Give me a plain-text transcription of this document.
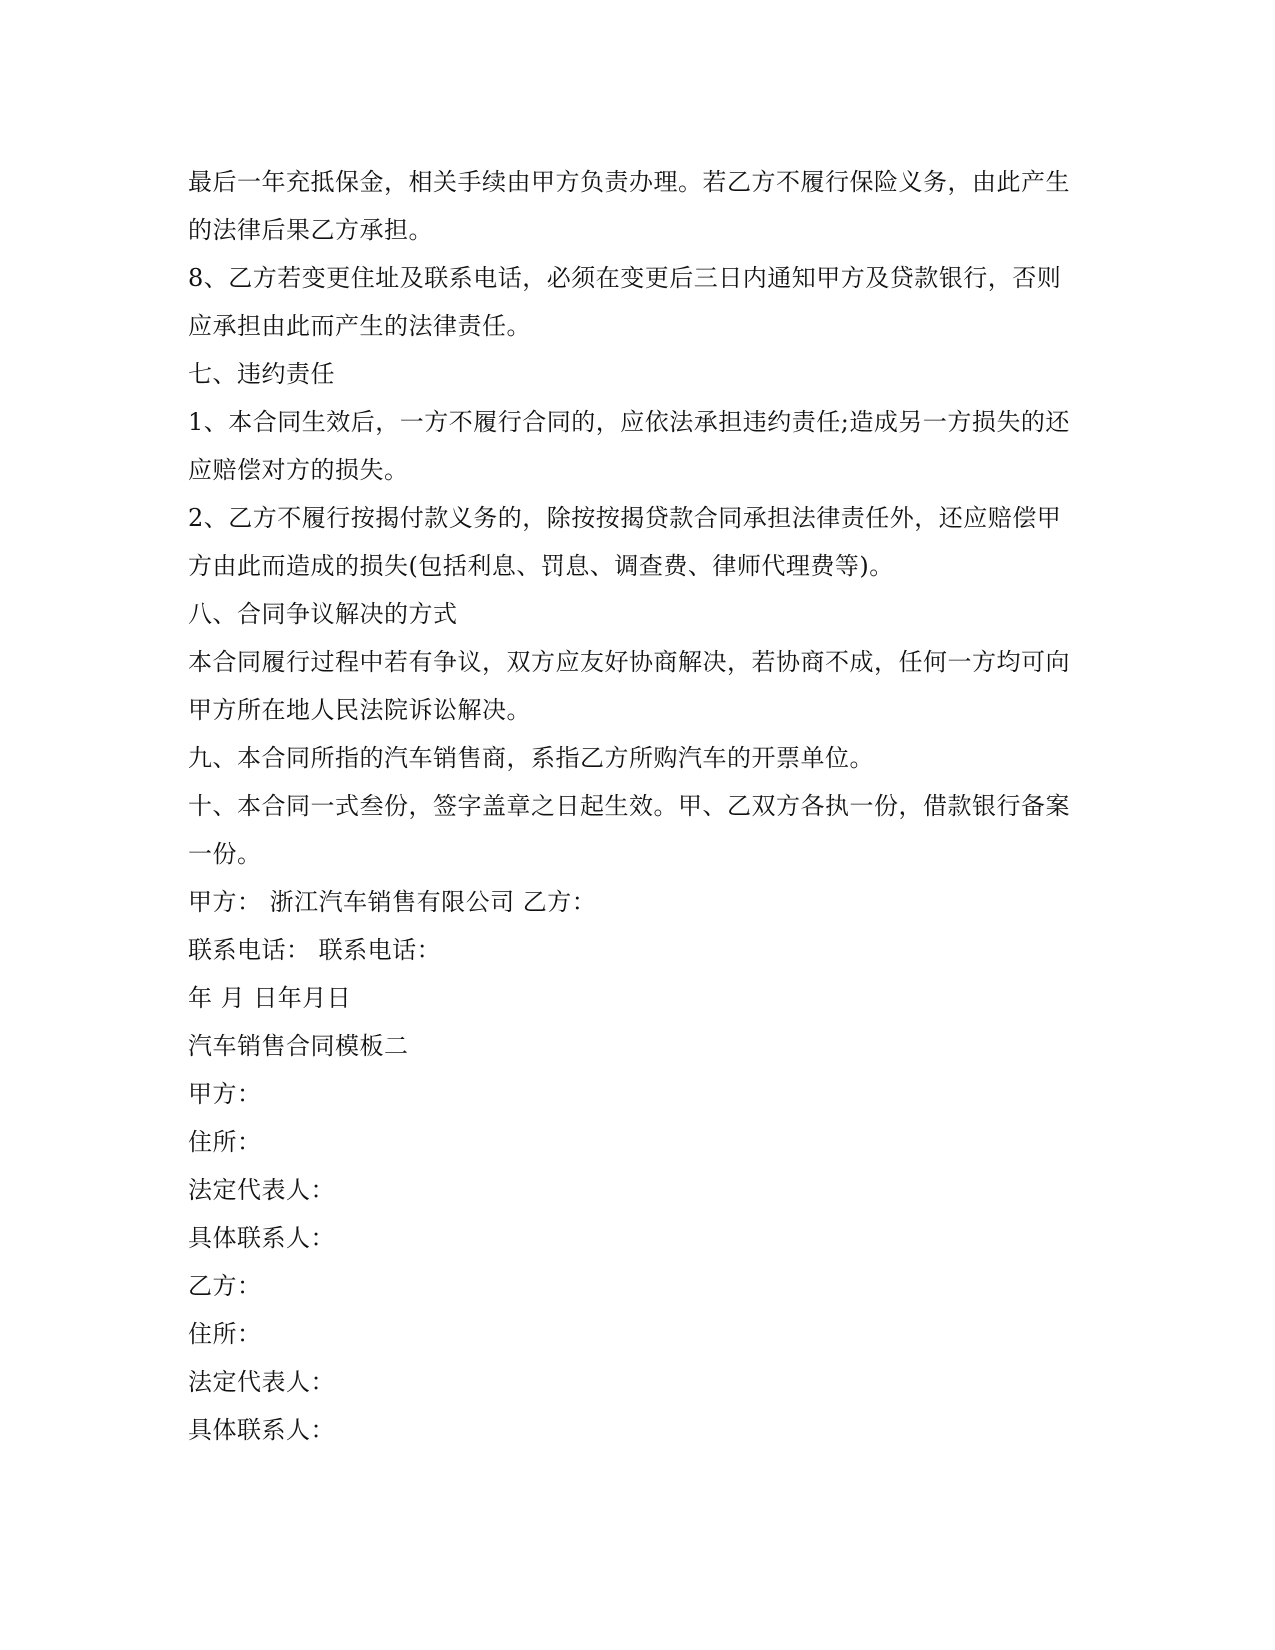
最后一年充抵保金，相关手续由甲方负责办理。若乙方不履行保险义务，由此产生
的法律后果乙方承担。
8、乙方若变更住址及联系电话，必须在变更后三日内通知甲方及贷款银行，否则
应承担由此而产生的法律责任。
七、违约责任
1、本合同生效后，一方不履行合同的，应依法承担违约责任;造成另一方损失的还
应赔偿对方的损失。
2、乙方不履行按揭付款义务的，除按按揭贷款合同承担法律责任外，还应赔偿甲
方由此而造成的损失(包括利息、罚息、调查费、律师代理费等)。
八、合同争议解决的方式
本合同履行过程中若有争议，双方应友好协商解决，若协商不成，任何一方均可向
甲方所在地人民法院诉讼解决。
九、本合同所指的汽车销售商，系指乙方所购汽车的开票单位。
十、本合同一式叁份，签字盖章之日起生效。甲、乙双方各执一份，借款银行备案
一份。
甲方： 浙江汽车销售有限公司 乙方：
联系电话： 联系电话：
年 月 日年月日
汽车销售合同模板二
甲方：
住所：
法定代表人：
具体联系人：
乙方：
住所：
法定代表人：
具体联系人：
